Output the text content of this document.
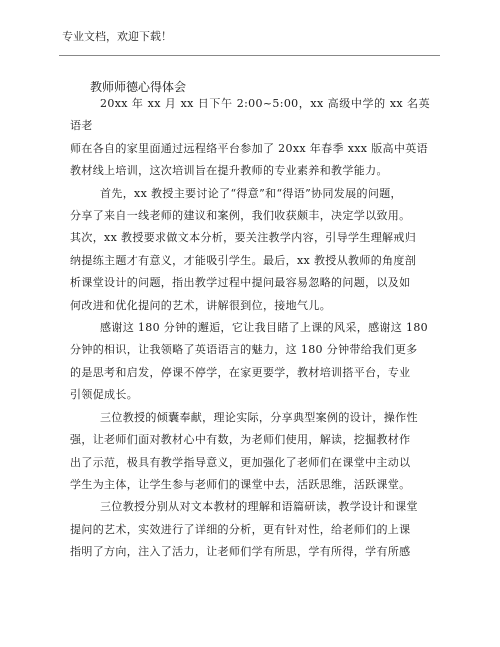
专业文档，欢迎下载！
教师师德心得体会

20xx 年 xx 月 xx 日下午 2:00~5:00，xx 高级中学的 xx 名英语老
师在各自的家里面通过远程络平台参加了 20xx 年春季 xxx 版高中英语
教材线上培训，这次培训旨在提升教师的专业素养和教学能力。

首先，xx 教授主要讨论了“得意”和“得语”协同发展的问题，
分享了来自一线老师的建议和案例，我们收获颇丰，决定学以致用。
其次，xx 教授要求做文本分析，要关注教学内容，引导学生理解戒归
纳提练主题才有意义，才能吸引学生。最后，xx 教授从教师的角度剖
析课堂设计的问题，指出教学过程中提问最容易忽略的问题，以及如
何改进和优化提问的艺术，讲解很到位，接地气儿。

感谢这 180 分钟的邂逅，它让我目睹了上课的风采，感谢这 180
分钟的相识，让我领略了英语语言的魅力，这 180 分钟带给我们更多
的是思考和启发，停课不停学，在家更要学，教材培训搭平台，专业
引领促成长。

三位教授的倾囊奉献，理论实际，分享典型案例的设计，操作性
强，让老师们面对教材心中有数，为老师们使用，解读，挖掘教材作
出了示范，极具有教学指导意义，更加强化了老师们在课堂中主动以
学生为主体，让学生参与老师们的课堂中去，活跃思维，活跃课堂。

三位教授分别从对文本教材的理解和语篇研读，教学设计和课堂
提问的艺术，实效进行了详细的分析，更有针对性，给老师们的上课
指明了方向，注入了活力，让老师们学有所思，学有所得，学有所感
